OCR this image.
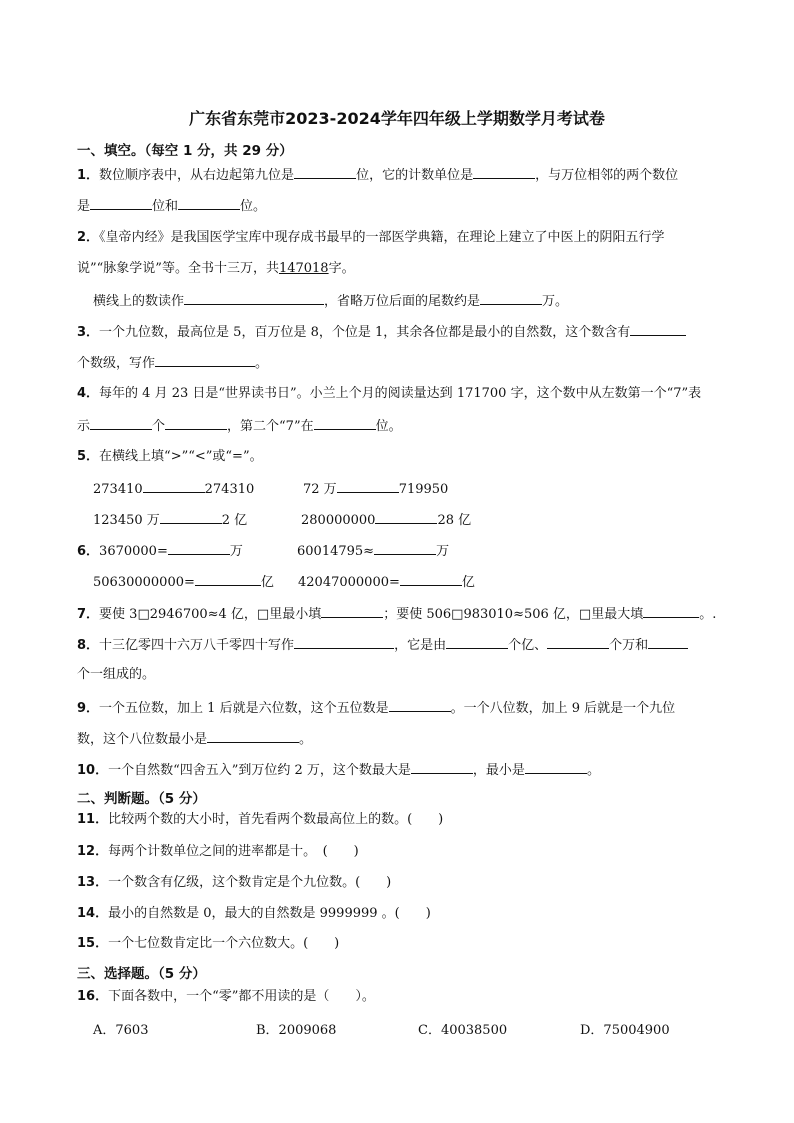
广东省东莞市2023-2024学年四年级上学期数学月考试卷
一、填空。（每空 1 分，共 29 分）
1．数位顺序表中，从右边起第九位是	位，它的计数单位是	，与万位相邻的两个数位
是	位和	位。
2．《皇帝内经》是我国医学宝库中现存成书最早的一部医学典籍，在理论上建立了中医上的阴阳五行学
说”“脉象学说”等。全书十三万，共147018字。
横线上的数读作	，省略万位后面的尾数约是	万。
3．一个九位数，最高位是 5，百万位是 8，个位是 1，其余各位都是最小的自然数，这个数含有
个数级，写作	。
4．每年的 4 月 23 日是“世界读书日”。小兰上个月的阅读量达到 171700 字，这个数中从左数第一个“7”表
示	个	，第二个“7”在	位。
5．在横线上填“>”“<”或“=”。
273410	274310	72 万	719950
123450 万	2 亿	280000000	28 亿
6．3670000=	万	60014795≈	万
50630000000=	亿 42047000000=	亿
7．要使 3□2946700≈4 亿，□里最小填	；要使 506□983010≈506 亿，□里最大填	。.
8．十三亿零四十六万八千零四十写作	，它是由	个亿、	个万和
个一组成的。
9．一个五位数，加上 1 后就是六位数，这个五位数是	。一个八位数，加上 9 后就是一个九位
数，这个八位数最小是	。
10．一个自然数“四舍五入”到万位约 2 万，这个数最大是	，最小是	。
二、判断题。（5 分）
11．比较两个数的大小时，首先看两个数最高位上的数。(　　)
12．每两个计数单位之间的进率都是十。　(　　)
13．一个数含有亿级，这个数肯定是个九位数。(　　)
14．最小的自然数是 0，最大的自然数是 9999999 。(　　)
15．一个七位数肯定比一个六位数大。(　　)
三、选择题。（5 分）
16．下面各数中，一个“零”都不用读的是（　　）。
A．7603	B．2009068	C．40038500	D．75004900
